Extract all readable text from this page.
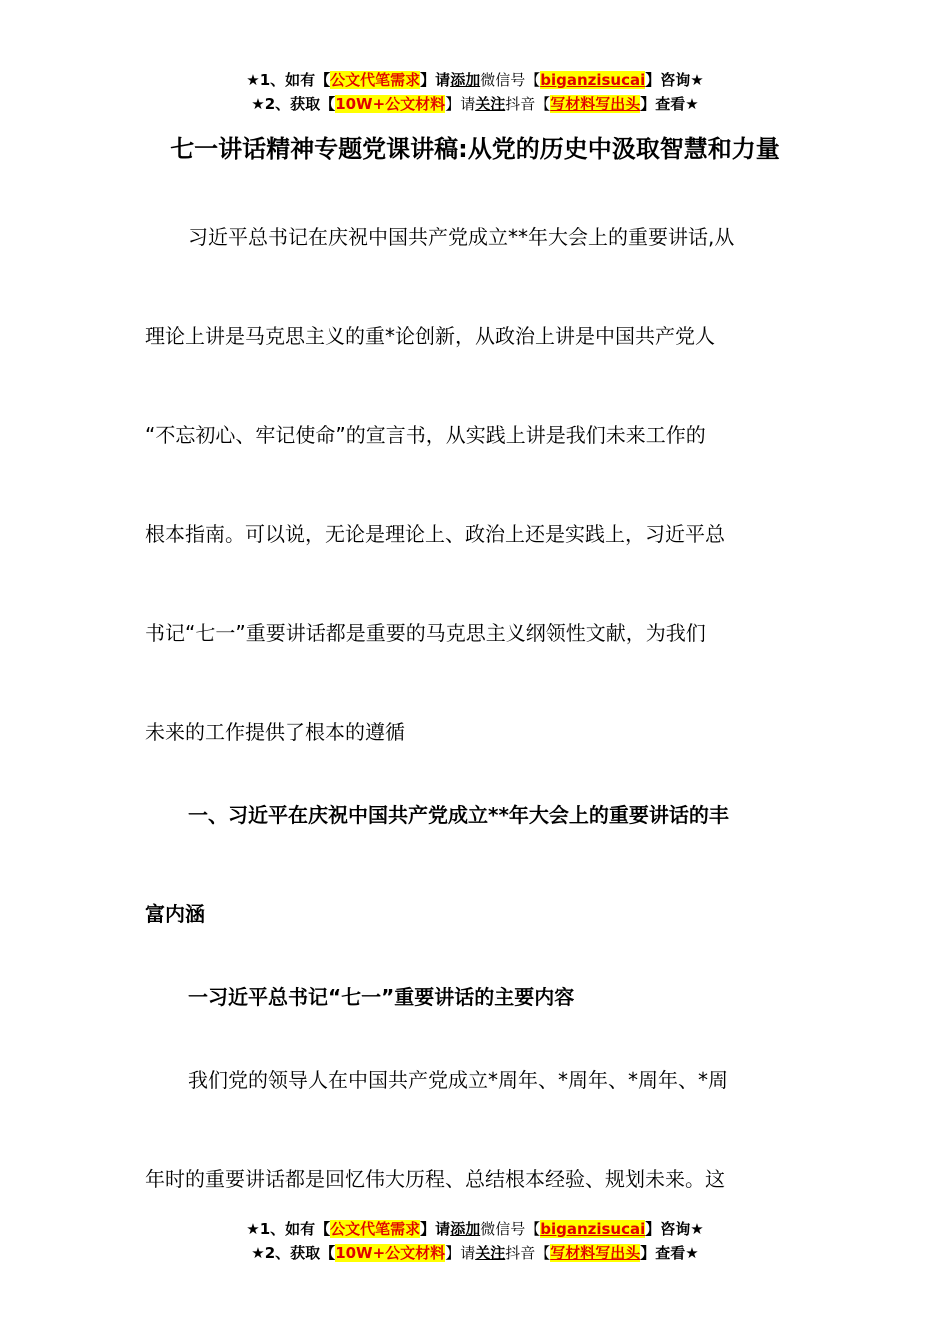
★1、如有【公文代笔需求】请添加微信号【biganzisucai】咨询★
★2、获取【10W+公文材料】请关注抖音【写材料写出头】查看★
七一讲话精神专题党课讲稿:从党的历史中汲取智慧和力量
习近平总书记在庆祝中国共产党成立**年大会上的重要讲话,从
理论上讲是马克思主义的重*论创新，从政治上讲是中国共产党人
“不忘初心、牢记使命”的宣言书，从实践上讲是我们未来工作的
根本指南。可以说，无论是理论上、政治上还是实践上，习近平总
书记“七一”重要讲话都是重要的马克思主义纲领性文献，为我们
未来的工作提供了根本的遵循
一、习近平在庆祝中国共产党成立**年大会上的重要讲话的丰
富内涵
一习近平总书记“七一”重要讲话的主要内容
我们党的领导人在中国共产党成立*周年、*周年、*周年、*周
年时的重要讲话都是回忆伟大历程、总结根本经验、规划未来。这
★1、如有【公文代笔需求】请添加微信号【biganzisucai】咨询★
★2、获取【10W+公文材料】请关注抖音【写材料写出头】查看★
